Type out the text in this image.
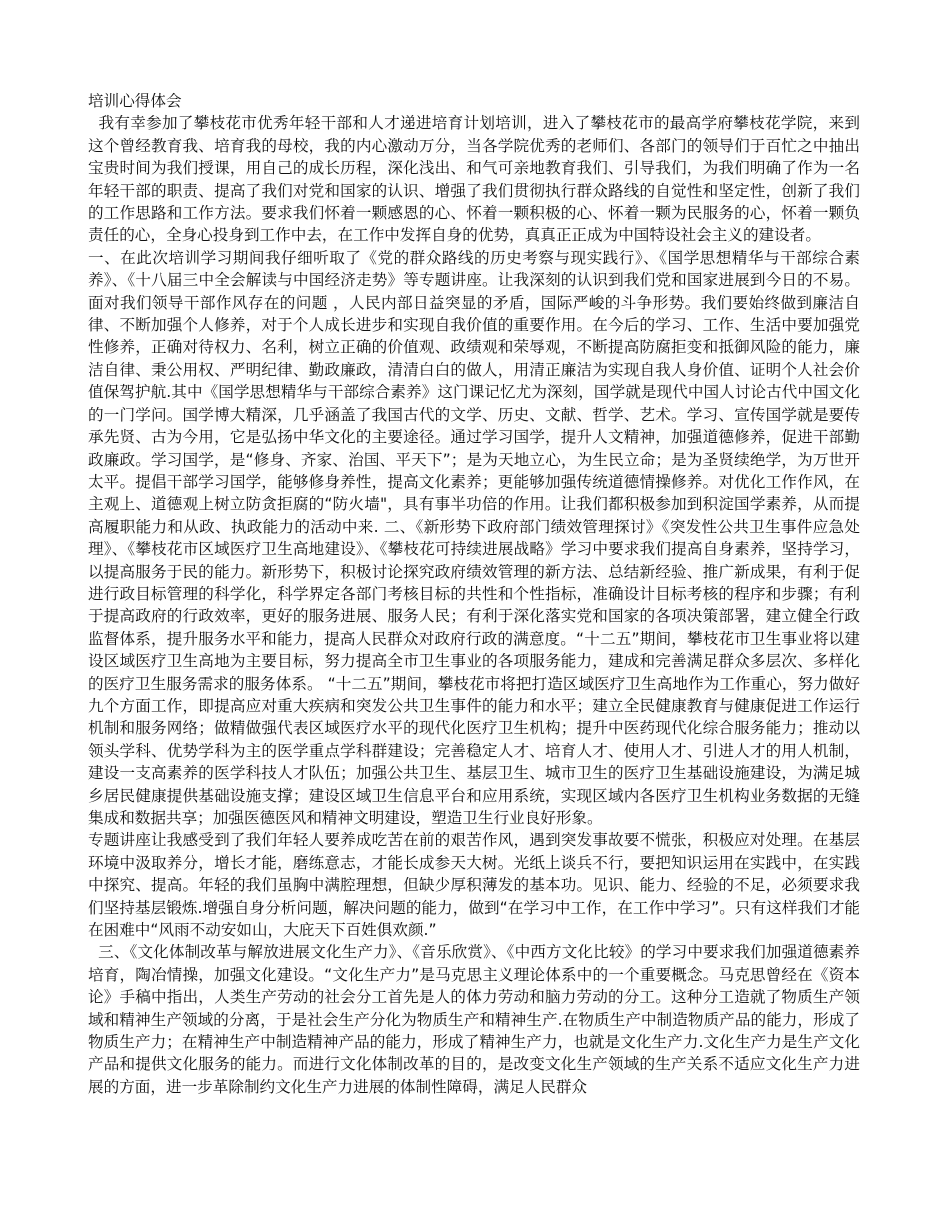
培训心得体会

我有幸参加了攀枝花市优秀年轻干部和人才递进培育计划培训，进入了攀枝花市的最高学府攀枝花学院，来到这个曾经教育我、培育我的母校，我的内心激动万分，当各学院优秀的老师们、各部门的领导们于百忙之中抽出宝贵时间为我们授课，用自己的成长历程，深化浅出、和气可亲地教育我们、引导我们，为我们明确了作为一名年轻干部的职责、提高了我们对党和国家的认识、增强了我们贯彻执行群众路线的自觉性和坚定性，创新了我们的工作思路和工作方法。要求我们怀着一颗感恩的心、怀着一颗积极的心、怀着一颗为民服务的心，怀着一颗负责任的心，全身心投身到工作中去，在工作中发挥自身的优势，真真正正成为中国特设社会主义的建设者。

一、在此次培训学习期间我仔细听取了《党的群众路线的历史考察与现实践行》、《国学思想精华与干部综合素养》、《十八届三中全会解读与中国经济走势》等专题讲座。让我深刻的认识到我们党和国家进展到今日的不易。面对我们领导干部作风存在的问题 ，人民内部日益突显的矛盾，国际严峻的斗争形势。我们要始终做到廉洁自律、不断加强个人修养，对于个人成长进步和实现自我价值的重要作用。在今后的学习、工作、生活中要加强党性修养，正确对待权力、名利，树立正确的价值观、政绩观和荣辱观，不断提高防腐拒变和抵御风险的能力，廉洁自律、秉公用权、严明纪律、勤政廉政，清清白白的做人，用清正廉洁为实现自我人身价值、证明个人社会价值保驾护航.其中《国学思想精华与干部综合素养》这门课记忆尤为深刻，国学就是现代中国人讨论古代中国文化的一门学问。国学博大精深，几乎涵盖了我国古代的文学、历史、文献、哲学、艺术。学习、宣传国学就是要传承先贤、古为今用，它是弘扬中华文化的主要途径。通过学习国学，提升人文精神，加强道德修养，促进干部勤政廉政。学习国学，是“修身、齐家、治国、平天下”；是为天地立心，为生民立命；是为圣贤续绝学，为万世开太平。提倡干部学习国学，能够修身养性，提高文化素养；更能够加强传统道德情操修养。对优化工作作风，在主观上、道德观上树立防贪拒腐的“防火墙"，具有事半功倍的作用。让我们都积极参加到积淀国学素养，从而提高履职能力和从政、执政能力的活动中来. 二、《新形势下政府部门绩效管理探讨》《突发性公共卫生事件应急处理》、《攀枝花市区域医疗卫生高地建设》、《攀枝花可持续进展战略》学习中要求我们提高自身素养，坚持学习，以提高服务于民的能力。新形势下，积极讨论探究政府绩效管理的新方法、总结新经验、推广新成果，有利于促进行政目标管理的科学化，科学界定各部门考核目标的共性和个性指标，准确设计目标考核的程序和步骤；有利于提高政府的行政效率，更好的服务进展、服务人民；有利于深化落实党和国家的各项决策部署，建立健全行政监督体系，提升服务水平和能力，提高人民群众对政府行政的满意度。“十二五”期间，攀枝花市卫生事业将以建设区域医疗卫生高地为主要目标，努力提高全市卫生事业的各项服务能力，建成和完善满足群众多层次、多样化的医疗卫生服务需求的服务体系。 “十二五”期间，攀枝花市将把打造区域医疗卫生高地作为工作重心，努力做好九个方面工作，即提高应对重大疾病和突发公共卫生事件的能力和水平；建立全民健康教育与健康促进工作运行机制和服务网络；做精做强代表区域医疗水平的现代化医疗卫生机构；提升中医药现代化综合服务能力；推动以领头学科、优势学科为主的医学重点学科群建设；完善稳定人才、培育人才、使用人才、引进人才的用人机制，建设一支高素养的医学科技人才队伍；加强公共卫生、基层卫生、城市卫生的医疗卫生基础设施建设，为满足城乡居民健康提供基础设施支撑；建设区域卫生信息平台和应用系统，实现区域内各医疗卫生机构业务数据的无缝集成和数据共享；加强医德医风和精神文明建设，塑造卫生行业良好形象。

专题讲座让我感受到了我们年轻人要养成吃苦在前的艰苦作风，遇到突发事故要不慌张，积极应对处理。在基层环境中汲取养分，增长才能，磨练意志，才能长成参天大树。光纸上谈兵不行，要把知识运用在实践中，在实践中探究、提高。年轻的我们虽胸中满腔理想，但缺少厚积薄发的基本功。见识、能力、经验的不足，必须要求我们坚持基层锻炼.增强自身分析问题，解决问题的能力，做到“在学习中工作，在工作中学习”。只有这样我们才能在困难中“风雨不动安如山，大庇天下百姓俱欢颜.”

三、《文化体制改革与解放进展文化生产力》、《音乐欣赏》、《中西方文化比较》的学习中要求我们加强道德素养培育，陶冶情操，加强文化建设。“文化生产力”是马克思主义理论体系中的一个重要概念。马克思曾经在《资本论》手稿中指出，人类生产劳动的社会分工首先是人的体力劳动和脑力劳动的分工。这种分工造就了物质生产领域和精神生产领域的分离，于是社会生产分化为物质生产和精神生产.在物质生产中制造物质产品的能力，形成了物质生产力；在精神生产中制造精神产品的能力，形成了精神生产力，也就是文化生产力.文化生产力是生产文化产品和提供文化服务的能力。而进行文化体制改革的目的，是改变文化生产领域的生产关系不适应文化生产力进展的方面，进一步革除制约文化生产力进展的体制性障碍，满足人民群众
